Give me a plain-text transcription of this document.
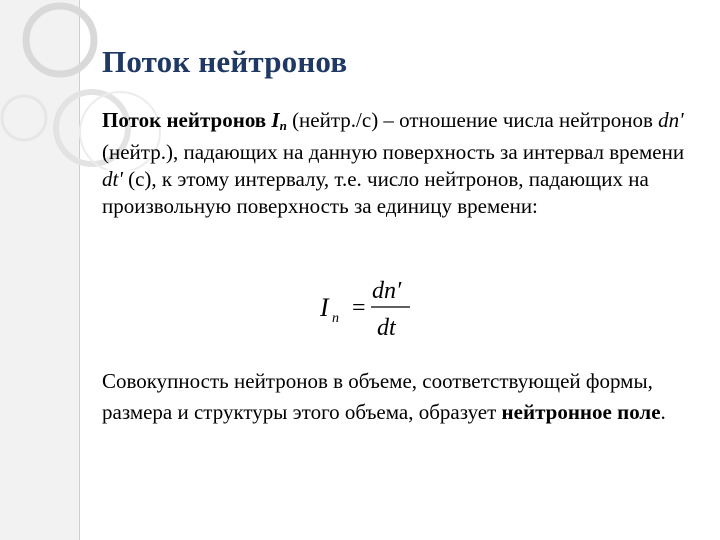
Поток нейтронов

Поток нейтронов In (нейтр./с) – отношение числа нейтронов dn' (нейтр.), падающих на данную поверхность за интервал времени dt' (с), к этому интервалу, т.е. число нейтронов, падающих на произвольную поверхность за единицу времени:

I n =
dn′
dt
Совокупность нейтронов в объеме, соответствующей формы, размера и структуры этого объема, образует нейтронное поле.
